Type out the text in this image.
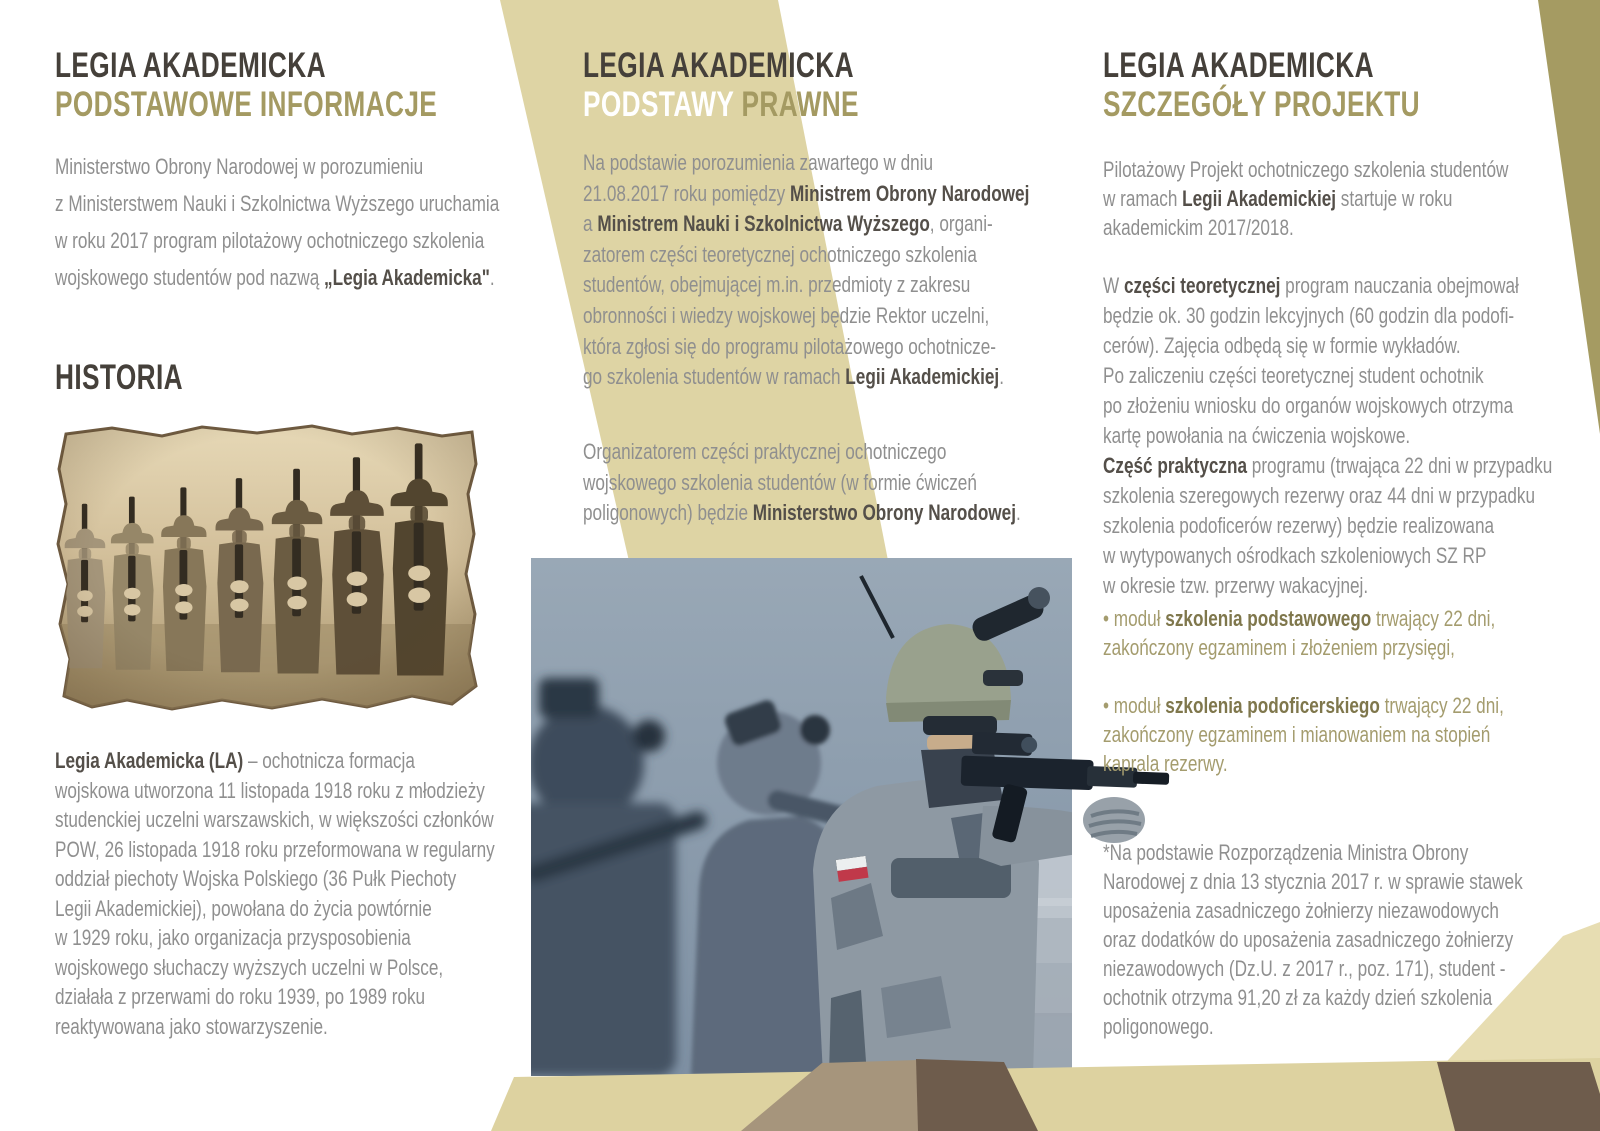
LEGIA AKADEMICKA
PODSTAWOWE INFORMACJE
Ministerstwo Obrony Narodowej w porozumieniu
z Ministerstwem Nauki i Szkolnictwa Wyższego uruchamia
w roku 2017 program pilotażowy ochotniczego szkolenia
wojskowego studentów pod nazwą „Legia Akademicka".
HISTORIA
Legia Akademicka (LA) – ochotnicza formacja
wojskowa utworzona 11 listopada 1918 roku z młodzieży
studenckiej uczelni warszawskich, w większości członków
POW, 26 listopada 1918 roku przeformowana w regularny
oddział piechoty Wojska Polskiego (36 Pułk Piechoty
Legii Akademickiej), powołana do życia powtórnie
w 1929 roku, jako organizacja przysposobienia
wojskowego słuchaczy wyższych uczelni w Polsce,
działała z przerwami do roku 1939, po 1989 roku
reaktywowana jako stowarzyszenie.
LEGIA AKADEMICKA
PODSTAWY PRAWNE
Na podstawie porozumienia zawartego w dniu
21.08.2017 roku pomiędzy Ministrem Obrony Narodowej
a Ministrem Nauki i Szkolnictwa Wyższego, organi-
zatorem części teoretycznej ochotniczego szkolenia
studentów, obejmującej m.in. przedmioty z zakresu
obronności i wiedzy wojskowej będzie Rektor uczelni,
która zgłosi się do programu pilotażowego ochotnicze-
go szkolenia studentów w ramach Legii Akademickiej.
Organizatorem części praktycznej ochotniczego
wojskowego szkolenia studentów (w formie ćwiczeń
poligonowych) będzie Ministerstwo Obrony Narodowej.
LEGIA AKADEMICKA
SZCZEGÓŁY PROJEKTU
Pilotażowy Projekt ochotniczego szkolenia studentów
w ramach Legii Akademickiej startuje w roku
akademickim 2017/2018.
W części teoretycznej program nauczania obejmował
będzie ok. 30 godzin lekcyjnych (60 godzin dla podofi-
cerów). Zajęcia odbędą się w formie wykładów.
Po zaliczeniu części teoretycznej student ochotnik
po złożeniu wniosku do organów wojskowych otrzyma
kartę powołania na ćwiczenia wojskowe.
Część praktyczna programu (trwająca 22 dni w przypadku
szkolenia szeregowych rezerwy oraz 44 dni w przypadku
szkolenia podoficerów rezerwy) będzie realizowana
w wytypowanych ośrodkach szkoleniowych SZ RP
w okresie tzw. przerwy wakacyjnej.
• moduł szkolenia podstawowego trwający 22 dni,
zakończony egzaminem i złożeniem przysięgi,
• moduł szkolenia podoficerskiego trwający 22 dni,
zakończony egzaminem i mianowaniem na stopień
kaprala rezerwy.
*Na podstawie Rozporządzenia Ministra Obrony
Narodowej z dnia 13 stycznia 2017 r. w sprawie stawek
uposażenia zasadniczego żołnierzy niezawodowych
oraz dodatków do uposażenia zasadniczego żołnierzy
niezawodowych (Dz.U. z 2017 r., poz. 171), student -
ochotnik otrzyma 91,20 zł za każdy dzień szkolenia
poligonowego.
